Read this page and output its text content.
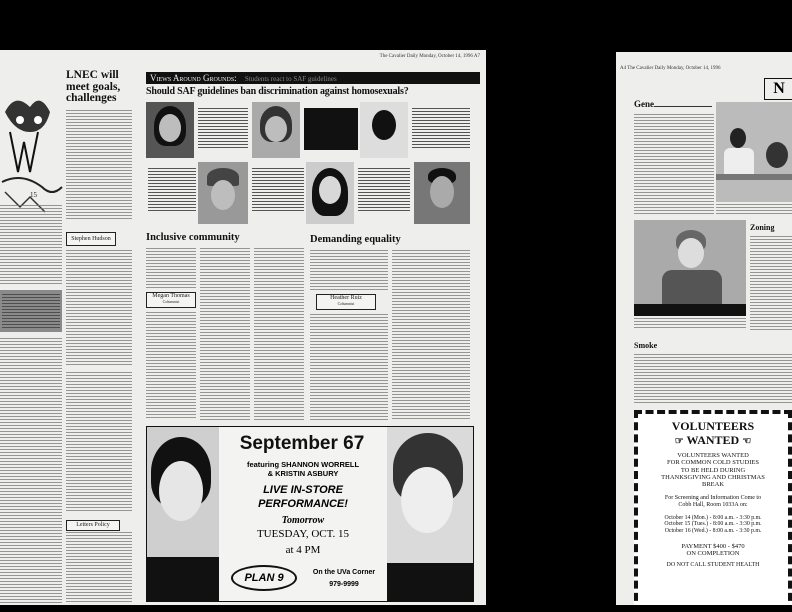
15
LNEC will
meet goals,
challenges
Stephen Hudson
Letters Policy
The Cavalier Daily Monday, October 14, 1996 A7
Views Around Grounds: Students react to SAF guidelines
Should SAF guidelines ban discrimination against homosexuals?
Inclusive community
Megan Thomas
Columnist
Demanding equality
Heather Ruiz
Columnist
September 67
featuring SHANNON WORRELL
& KRISTIN ASBURY
LIVE IN-STORE
PERFORMANCE!
Tomorrow
TUESDAY, OCT. 15
at 4 PM
PLAN 9	On the UVa Corner
979-9999
A4 The Cavalier Daily Monday, October 14, 1996
N
Gene
Zoning
Smoke

VOLUNTEERS

☞ WANTED ☜

VOLUNTEERS WANTED

FOR COMMON COLD STUDIES

TO BE HELD DURING

THANKSGIVING AND CHRISTMAS

BREAK

For Screening and Information Come to

Cobb Hall, Room 1033A on:

October 14 (Mon.) - 8:00 a.m. - 3:30 p.m.

October 15 (Tues.) - 8:00 a.m. - 3:30 p.m.

October 16 (Wed.) - 8:00 a.m. - 3:30 p.m.

PAYMENT $400 - $470

ON COMPLETION

DO NOT CALL STUDENT HEALTH
